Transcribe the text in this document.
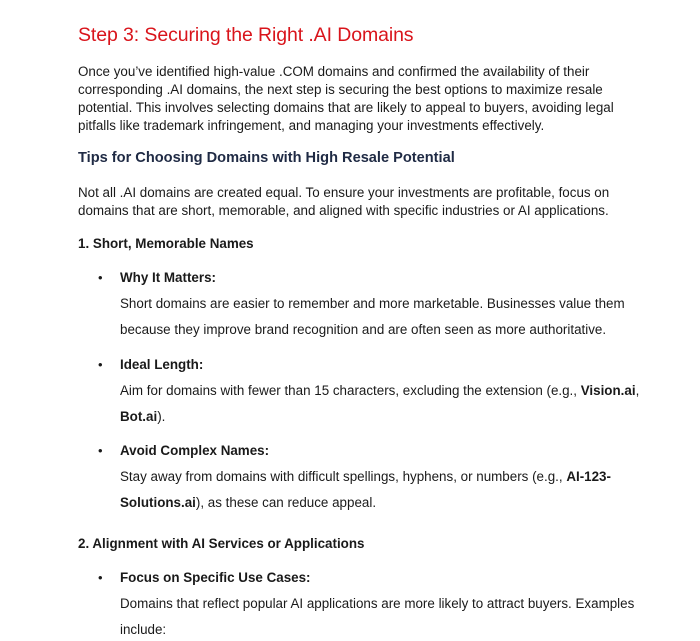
Step 3: Securing the Right .AI Domains

Once you’ve identified high-value .COM domains and confirmed the availability of their

corresponding .AI domains, the next step is securing the best options to maximize resale

potential. This involves selecting domains that are likely to appeal to buyers, avoiding legal

pitfalls like trademark infringement, and managing your investments effectively.

Tips for Choosing Domains with High Resale Potential

Not all .AI domains are created equal. To ensure your investments are profitable, focus on

domains that are short, memorable, and aligned with specific industries or AI applications.

1. Short, Memorable Names
• Why It Matters:

Short domains are easier to remember and more marketable. Businesses value them

because they improve brand recognition and are often seen as more authoritative.

• Ideal Length:

Aim for domains with fewer than 15 characters, excluding the extension (e.g., Vision.ai,

Bot.ai).

• Avoid Complex Names:

Stay away from domains with difficult spellings, hyphens, or numbers (e.g., AI-123-

Solutions.ai), as these can reduce appeal.

2. Alignment with AI Services or Applications
• Focus on Specific Use Cases:

Domains that reflect popular AI applications are more likely to attract buyers. Examples

include:
